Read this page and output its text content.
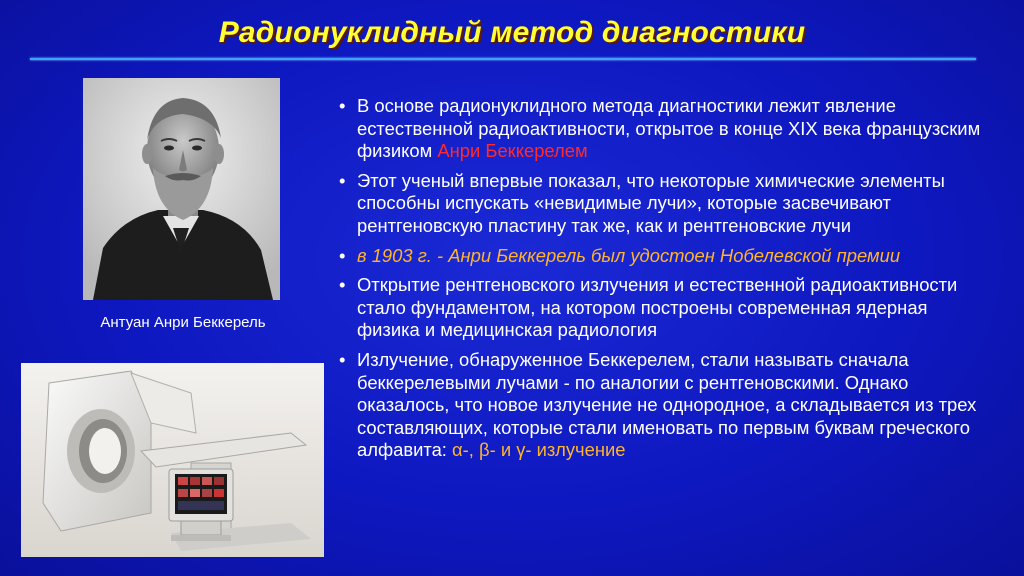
Радионуклидный метод диагностики
Антуан Анри Беккерель
• В основе радионуклидного метода диагностики лежит явление естественной радиоактивности, открытое в конце XIX века французским физиком Анри Беккерелем
• Этот ученый впервые показал, что некоторые химические элементы способны испускать «невидимые лучи», которые засвечивают рентгеновскую пластину так же, как и рентгеновские лучи
• в 1903 г. - Анри Беккерель был удостоен Нобелевской премии
• Открытие рентгеновского излучения и естественной радиоактивности стало фундаментом, на котором построены современная ядерная физика и медицинская радиология
• Излучение, обнаруженное Беккерелем, стали называть сначала беккерелевыми лучами - по аналогии с рентгеновскими. Однако оказалось, что новое излучение не однородное, а складывается из трех составляющих, которые стали именовать по первым буквам греческого алфавита: α-, β- и γ- излучение
